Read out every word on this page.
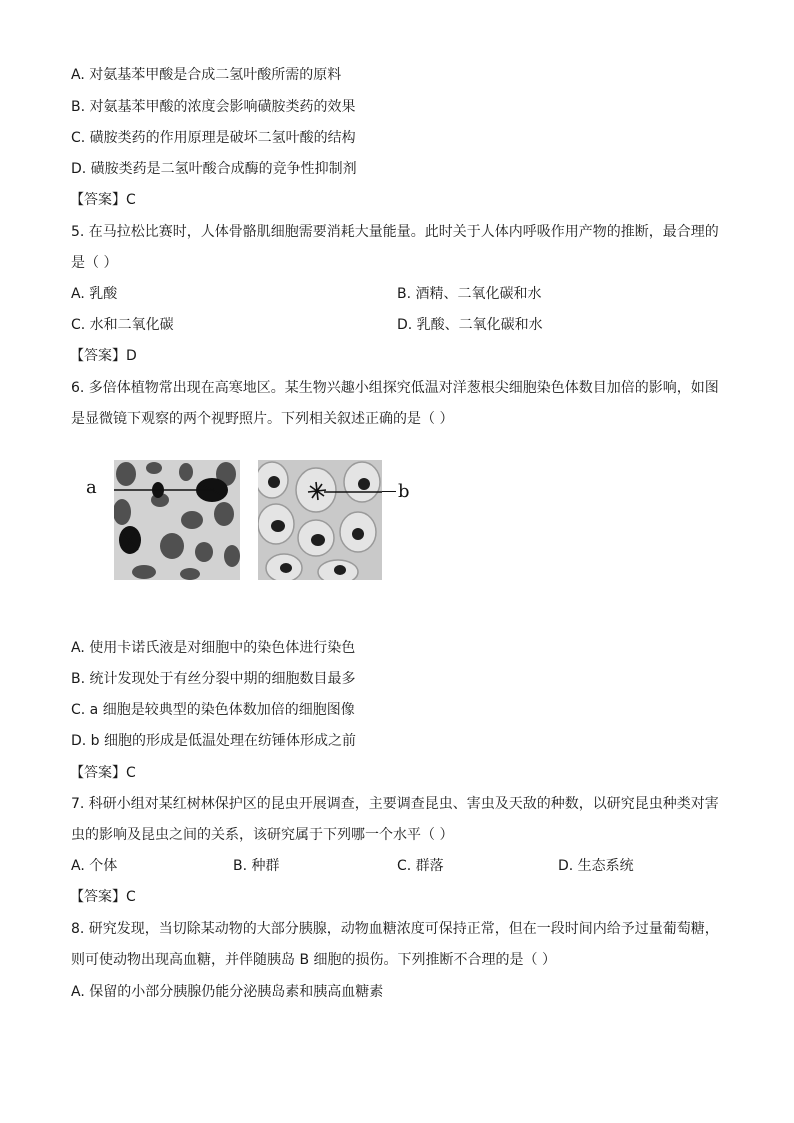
A. 对氨基苯甲酸是合成二氢叶酸所需的原料
B. 对氨基苯甲酸的浓度会影响磺胺类药的效果
C. 磺胺类药的作用原理是破坏二氢叶酸的结构
D. 磺胺类药是二氢叶酸合成酶的竞争性抑制剂
【答案】C
5. 在马拉松比赛时，人体骨骼肌细胞需要消耗大量能量。此时关于人体内呼吸作用产物的推断，最合理的
是（ ）
A. 乳酸	B. 酒精、二氧化碳和水
C. 水和二氧化碳	D. 乳酸、二氧化碳和水
【答案】D
6. 多倍体植物常出现在高寒地区。某生物兴趣小组探究低温对洋葱根尖细胞染色体数目加倍的影响，如图
是显微镜下观察的两个视野照片。下列相关叙述正确的是（ ）
a	b
A. 使用卡诺氏液是对细胞中的染色体进行染色
B. 统计发现处于有丝分裂中期的细胞数目最多
C. a 细胞是较典型的染色体数加倍的细胞图像
D. b 细胞的形成是低温处理在纺锤体形成之前
【答案】C
7. 科研小组对某红树林保护区的昆虫开展调查，主要调查昆虫、害虫及天敌的种数，以研究昆虫种类对害
虫的影响及昆虫之间的关系，该研究属于下列哪一个水平（ ）
A. 个体	B. 种群	C. 群落	D. 生态系统
【答案】C
8. 研究发现，当切除某动物的大部分胰腺，动物血糖浓度可保持正常，但在一段时间内给予过量葡萄糖，
则可使动物出现高血糖，并伴随胰岛 B 细胞的损伤。下列推断不合理的是（ ）
A. 保留的小部分胰腺仍能分泌胰岛素和胰高血糖素
